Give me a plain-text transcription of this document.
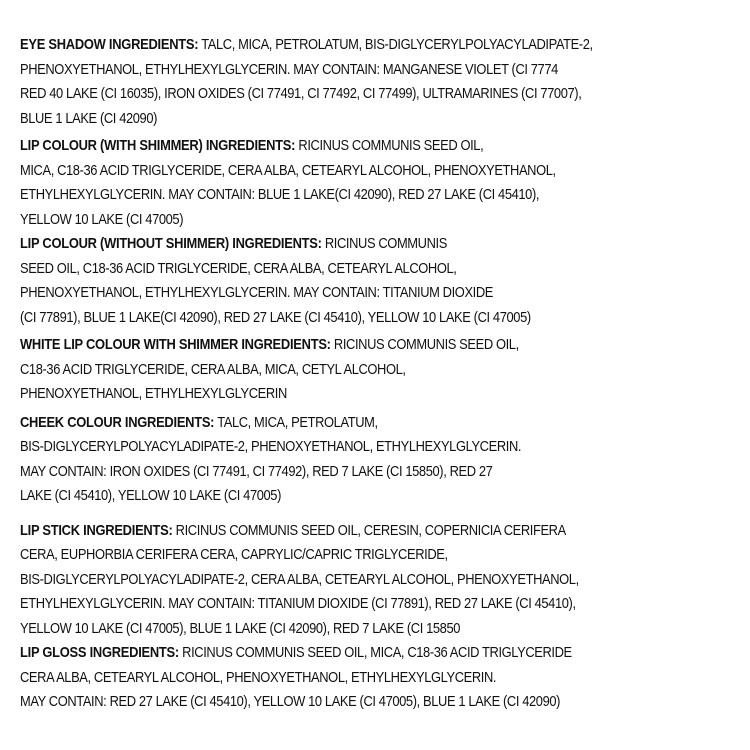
EYE SHADOW INGREDIENTS: TALC, MICA, PETROLATUM, BIS-DIGLYCERYLPOLYACYLADIPATE-2,
PHENOXYETHANOL, ETHYLHEXYLGLYCERIN. MAY CONTAIN: MANGANESE VIOLET (CI 7774
RED 40 LAKE (CI 16035), IRON OXIDES (CI 77491, CI 77492, CI 77499), ULTRAMARINES (CI 77007),
BLUE 1 LAKE (CI 42090)
LIP COLOUR (WITH SHIMMER) INGREDIENTS: RICINUS COMMUNIS SEED OIL,
MICA, C18-36 ACID TRIGLYCERIDE, CERA ALBA, CETEARYL ALCOHOL, PHENOXYETHANOL,
ETHYLHEXYLGLYCERIN. MAY CONTAIN: BLUE 1 LAKE(CI 42090), RED 27 LAKE (CI 45410),
YELLOW 10 LAKE (CI 47005)
LIP COLOUR (WITHOUT SHIMMER) INGREDIENTS: RICINUS COMMUNIS
SEED OIL, C18-36 ACID TRIGLYCERIDE, CERA ALBA, CETEARYL ALCOHOL,
PHENOXYETHANOL, ETHYLHEXYLGLYCERIN. MAY CONTAIN: TITANIUM DIOXIDE
(CI 77891), BLUE 1 LAKE(CI 42090), RED 27 LAKE (CI 45410), YELLOW 10 LAKE (CI 47005)
WHITE LIP COLOUR WITH SHIMMER INGREDIENTS: RICINUS COMMUNIS SEED OIL,
C18-36 ACID TRIGLYCERIDE, CERA ALBA, MICA, CETYL ALCOHOL,
PHENOXYETHANOL, ETHYLHEXYLGLYCERIN
CHEEK COLOUR INGREDIENTS: TALC, MICA, PETROLATUM,
BIS-DIGLYCERYLPOLYACYLADIPATE-2, PHENOXYETHANOL, ETHYLHEXYLGLYCERIN.
MAY CONTAIN: IRON OXIDES (CI 77491, CI 77492), RED 7 LAKE (CI 15850), RED 27
LAKE (CI 45410), YELLOW 10 LAKE (CI 47005)
LIP STICK INGREDIENTS: RICINUS COMMUNIS SEED OIL, CERESIN, COPERNICIA CERIFERA
CERA, EUPHORBIA CERIFERA CERA, CAPRYLIC/CAPRIC TRIGLYCERIDE,
BIS-DIGLYCERYLPOLYACYLADIPATE-2, CERA ALBA, CETEARYL ALCOHOL, PHENOXYETHANOL,
ETHYLHEXYLGLYCERIN. MAY CONTAIN: TITANIUM DIOXIDE (CI 77891), RED 27 LAKE (CI 45410),
YELLOW 10 LAKE (CI 47005), BLUE 1 LAKE (CI 42090), RED 7 LAKE (CI 15850
LIP GLOSS INGREDIENTS: RICINUS COMMUNIS SEED OIL, MICA, C18-36 ACID TRIGLYCERIDE
CERA ALBA, CETEARYL ALCOHOL, PHENOXYETHANOL, ETHYLHEXYLGLYCERIN.
MAY CONTAIN: RED 27 LAKE (CI 45410), YELLOW 10 LAKE (CI 47005), BLUE 1 LAKE (CI 42090)
